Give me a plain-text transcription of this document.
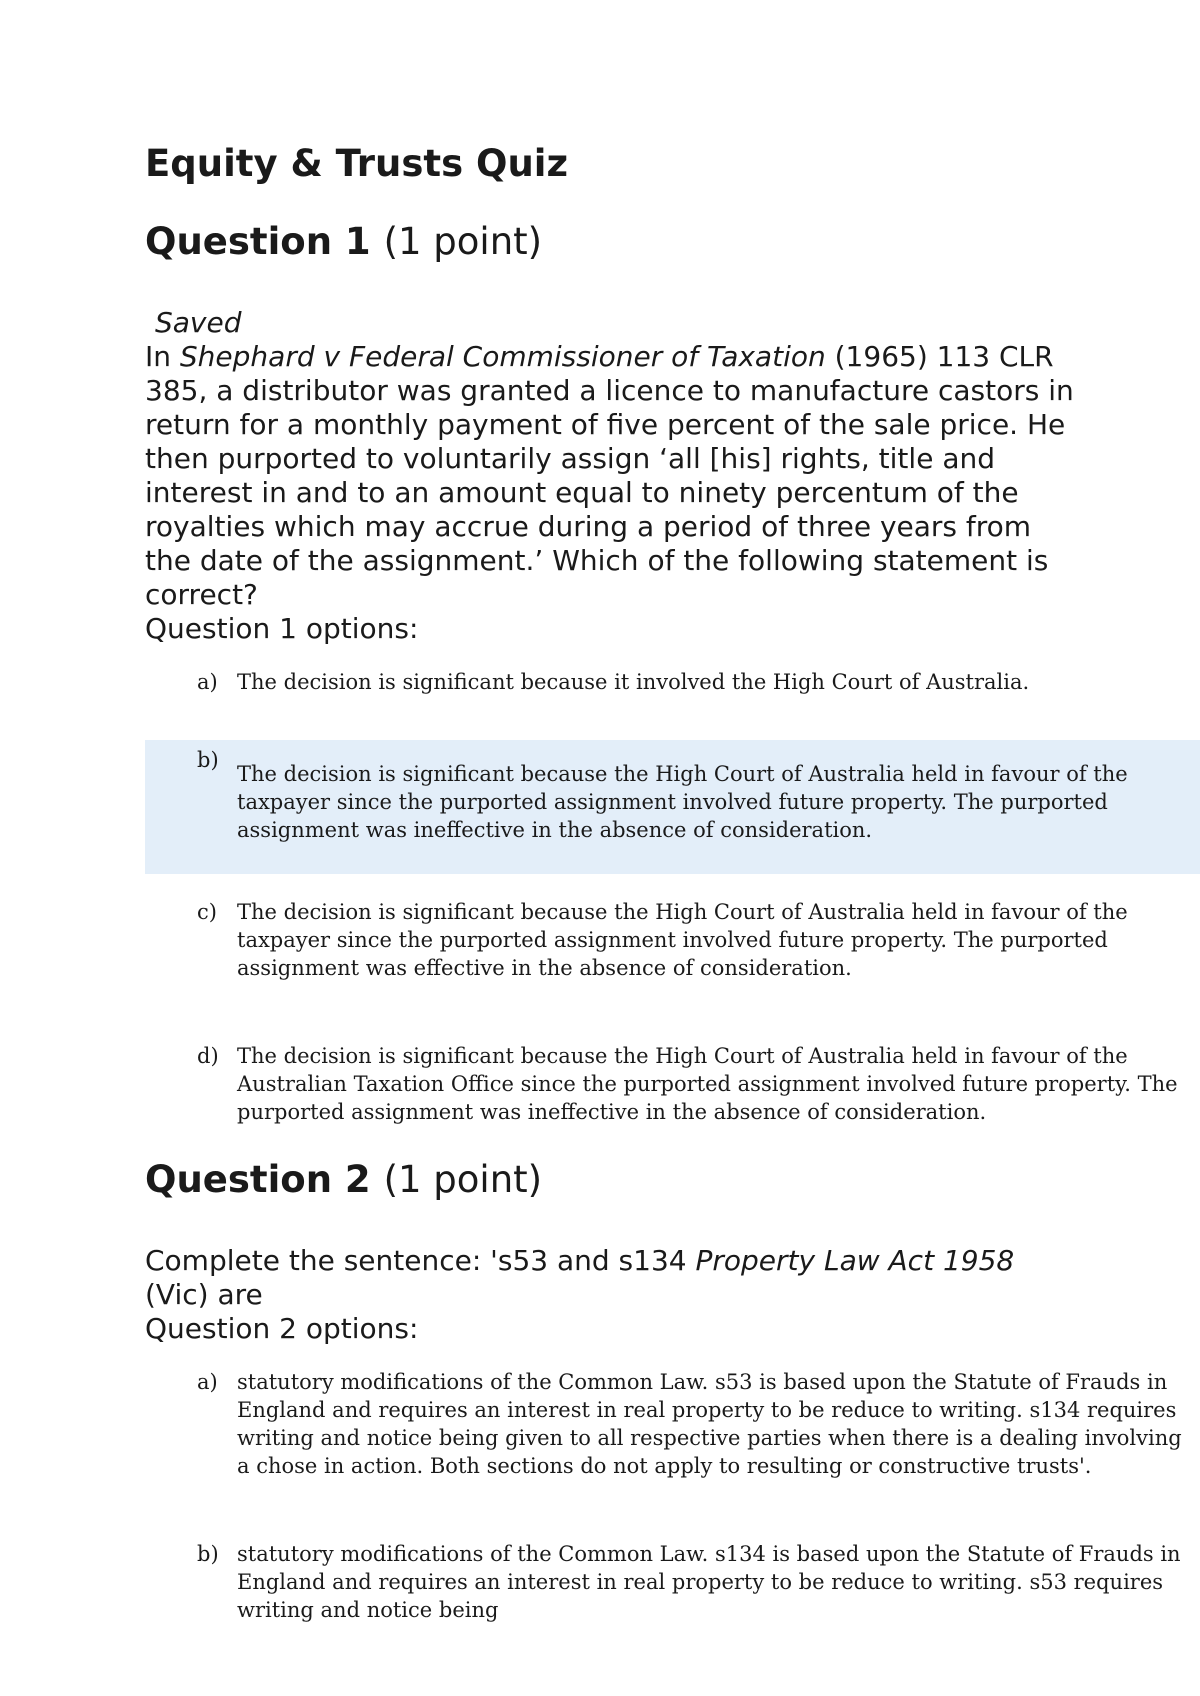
Equity & Trusts Quiz
Question 1 (1 point)
Saved
In Shephard v Federal Commissioner of Taxation (1965) 113 CLR 385, a distributor was granted a licence to manufacture castors in return for a monthly payment of five percent of the sale price. He then purported to voluntarily assign ‘all [his] rights, title and interest in and to an amount equal to ninety percentum of the royalties which may accrue during a period of three years from the date of the assignment.’ Which of the following statement is correct?
Question 1 options:
a) The decision is significant because it involved the High Court of Australia.
b)
The decision is significant because the High Court of Australia held in favour of the taxpayer since the purported assignment involved future property. The purported assignment was ineffective in the absence of consideration.
c) The decision is significant because the High Court of Australia held in favour of the taxpayer since the purported assignment involved future property. The purported assignment was effective in the absence of consideration.
d) The decision is significant because the High Court of Australia held in favour of the Australian Taxation Office since the purported assignment involved future property. The purported assignment was ineffective in the absence of consideration.
Question 2 (1 point)
Complete the sentence: 's53 and s134 Property Law Act 1958 (Vic) are
Question 2 options:
a) statutory modifications of the Common Law. s53 is based upon the Statute of Frauds in England and requires an interest in real property to be reduce to writing. s134 requires writing and notice being given to all respective parties when there is a dealing involving a chose in action. Both sections do not apply to resulting or constructive trusts'.
b) statutory modifications of the Common Law. s134 is based upon the Statute of Frauds in England and requires an interest in real property to be reduce to writing. s53 requires writing and notice being
